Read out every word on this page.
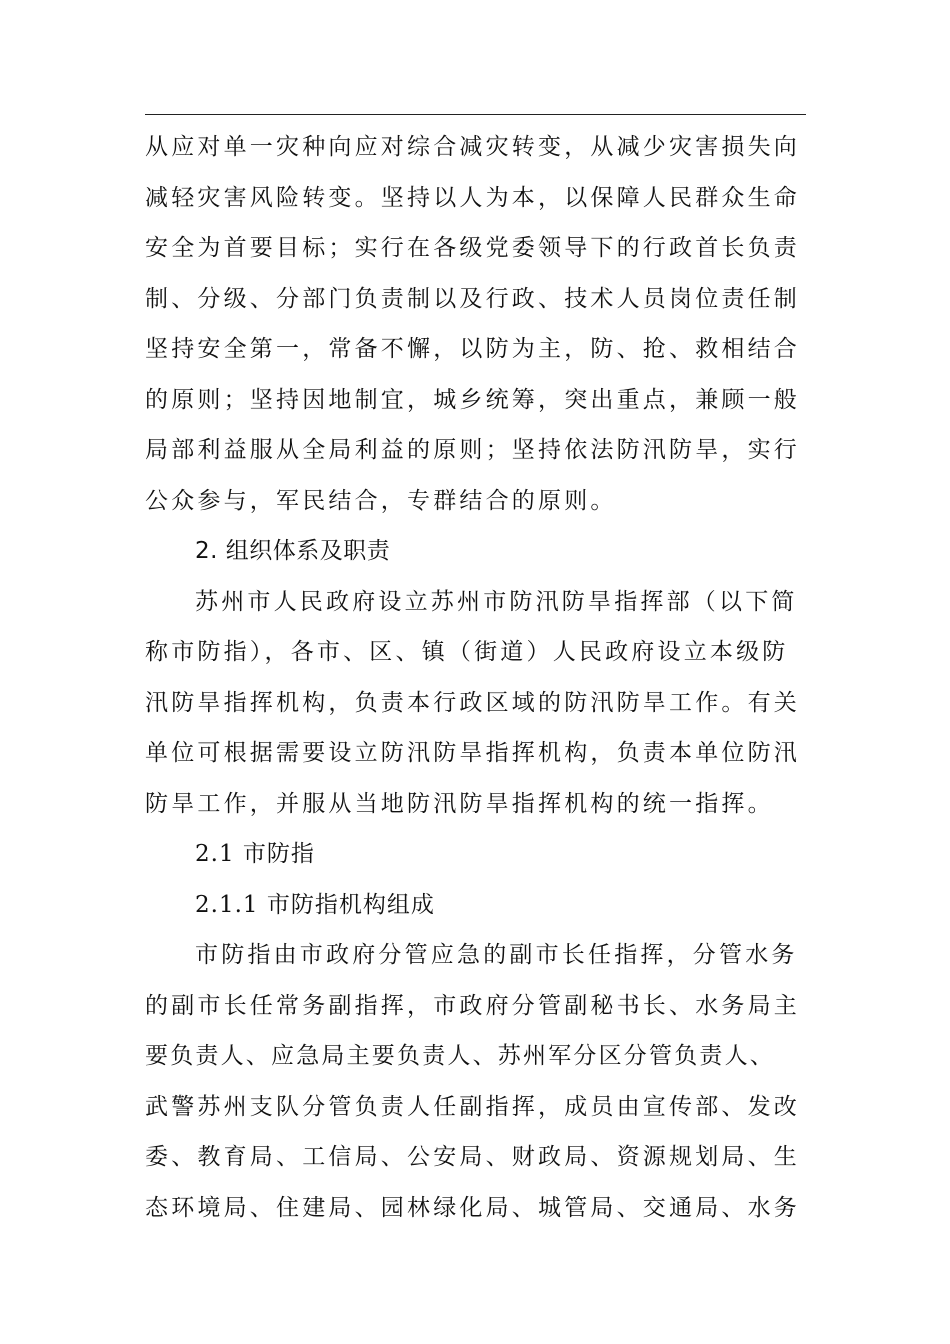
从应对单一灾种向应对综合减灾转变，从减少灾害损失向
减轻灾害风险转变。坚持以人为本，以保障人民群众生命
安全为首要目标；实行在各级党委领导下的行政首长负责
制、分级、分部门负责制以及行政、技术人员岗位责任制
坚持安全第一，常备不懈，以防为主，防、抢、救相结合
的原则；坚持因地制宜，城乡统筹，突出重点，兼顾一般
局部利益服从全局利益的原则；坚持依法防汛防旱，实行
公众参与，军民结合，专群结合的原则。
2. 组织体系及职责
苏州市人民政府设立苏州市防汛防旱指挥部（以下简
称市防指），各市、区、镇（街道）人民政府设立本级防
汛防旱指挥机构，负责本行政区域的防汛防旱工作。有关
单位可根据需要设立防汛防旱指挥机构，负责本单位防汛
防旱工作，并服从当地防汛防旱指挥机构的统一指挥。
2.1 市防指
2.1.1 市防指机构组成
市防指由市政府分管应急的副市长任指挥，分管水务
的副市长任常务副指挥，市政府分管副秘书长、水务局主
要负责人、应急局主要负责人、苏州军分区分管负责人、
武警苏州支队分管负责人任副指挥，成员由宣传部、发改
委、教育局、工信局、公安局、财政局、资源规划局、生
态环境局、住建局、园林绿化局、城管局、交通局、水务
